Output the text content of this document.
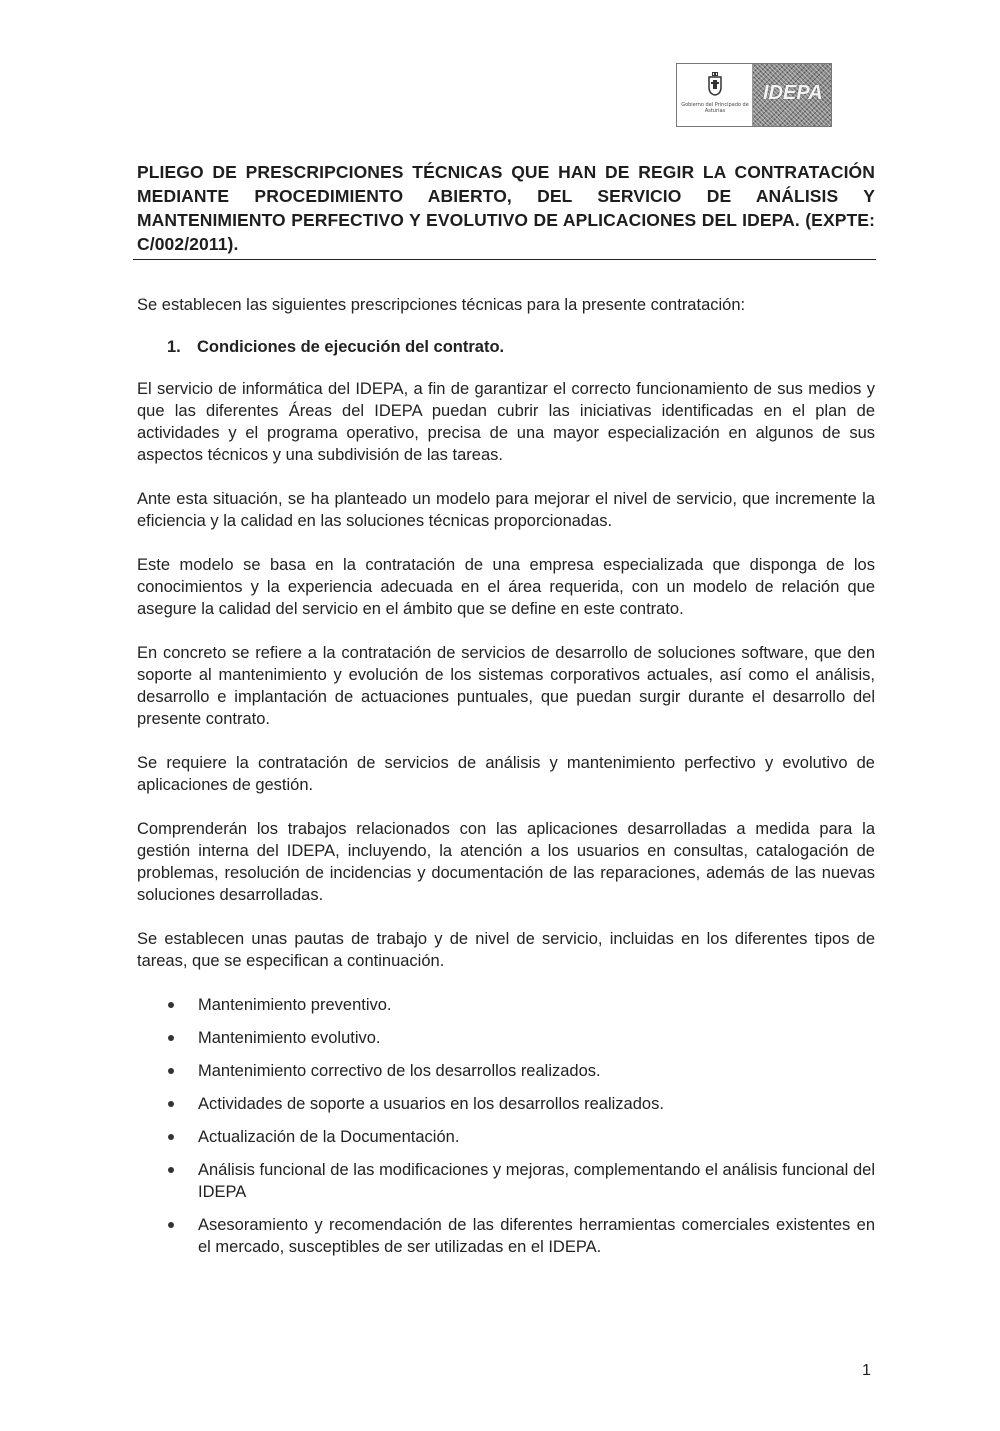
Gobierno del Principado de Asturias
IDEPA
PLIEGO DE PRESCRIPCIONES TÉCNICAS QUE HAN DE REGIR LA CONTRATACIÓN MEDIANTE PROCEDIMIENTO ABIERTO, DEL SERVICIO DE ANÁLISIS Y MANTENIMIENTO PERFECTIVO Y EVOLUTIVO DE APLICACIONES DEL IDEPA. (EXPTE: C/002/2011).

Se establecen las siguientes prescripciones técnicas para la presente contratación:

1. Condiciones de ejecución del contrato.

El servicio de informática del IDEPA, a fin de garantizar el correcto funcionamiento de sus medios y que las diferentes Áreas del IDEPA puedan cubrir las iniciativas identificadas en el plan de actividades y el programa operativo, precisa de una mayor especialización en algunos de sus aspectos técnicos y una subdivisión de las tareas.

Ante esta situación, se ha planteado un modelo para mejorar el nivel de servicio, que incremente la eficiencia y la calidad en las soluciones técnicas proporcionadas.

Este modelo se basa en la contratación de una empresa especializada que disponga de los conocimientos y la experiencia adecuada en el área requerida, con un modelo de relación que asegure la calidad del servicio en el ámbito que se define en este contrato.

En concreto se refiere a la contratación de servicios de desarrollo de soluciones software, que den soporte al mantenimiento y evolución de los sistemas corporativos actuales, así como el análisis, desarrollo e implantación de actuaciones puntuales, que puedan surgir durante el desarrollo del presente contrato.

Se requiere la contratación de servicios de análisis y mantenimiento perfectivo y evolutivo de aplicaciones de gestión.

Comprenderán los trabajos relacionados con las aplicaciones desarrolladas a medida para la gestión interna del IDEPA, incluyendo, la atención a los usuarios en consultas, catalogación de problemas, resolución de incidencias y documentación de las reparaciones, además de las nuevas soluciones desarrolladas.

Se establecen unas pautas de trabajo y de nivel de servicio, incluidas en los diferentes tipos de tareas, que se especifican a continuación.

Mantenimiento preventivo.
Mantenimiento evolutivo.
Mantenimiento correctivo de los desarrollos realizados.
Actividades de soporte a usuarios en los desarrollos realizados.
Actualización de la Documentación.
Análisis funcional de las modificaciones y mejoras, complementando el análisis funcional del IDEPA
Asesoramiento y recomendación de las diferentes herramientas comerciales existentes en el mercado, susceptibles de ser utilizadas en el IDEPA.
1
